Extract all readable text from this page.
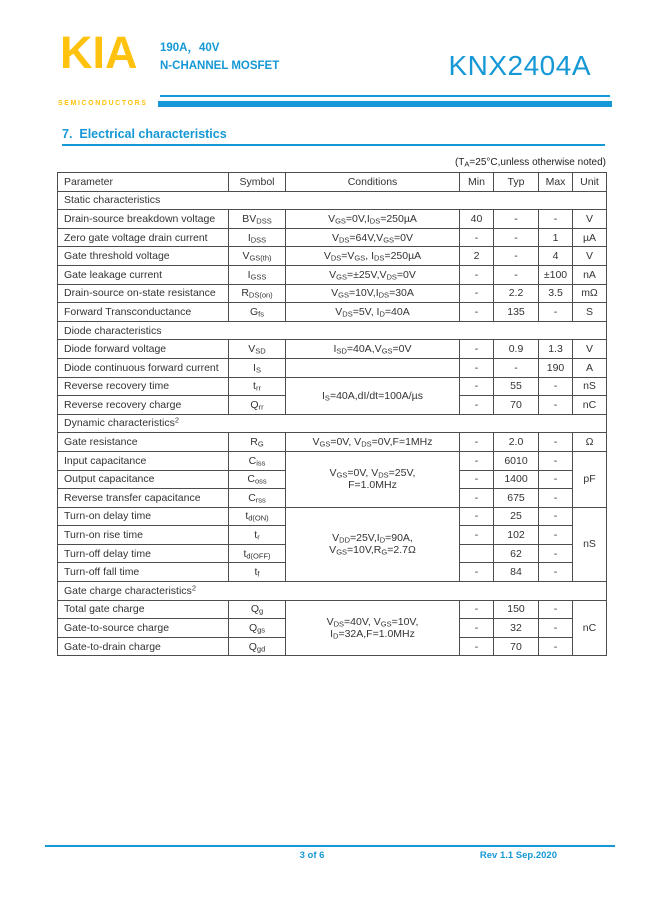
KIA
SEMICONDUCTORS
190A，40V
N-CHANNEL MOSFET	KNX2404A
7.  Electrical characteristics
($T_A=25^\circ C,unless$ otherwise noted)
Parameter	Symbol	Conditions	Min	Typ	Max	Unit
Static characteristics						
Drain-source breakdown voltage	$BV_{DSS}$	$V_{GS}=0V,I_{DS}=250\mu A$	40	-	-	V
Zero gate voltage drain current	$I_{DSS}$	$V_{DS}=64V,V_{GS}=0V$	-	-	1	µA
Gate threshold voltage	$V_{GS(th)}$	$V_{DS}=V_{GS}$, $I_{DS}=250\mu A$	2	-	4	V
Gate leakage current	$I_{GSS}$	$V_{GS}=\pm 25V,V_{DS}=0V$	-	-	±100	nA
Drain-source on-state resistance	$R_{DS(on)}$	$V_{GS}=10V,I_{DS}=30A$	-	2.2	3.5	mΩ
Forward Transconductance	$G_{fs}$	$V_{DS}=5V$, $I_D=40A$	-	135	-	S
Diode characteristics						
Diode forward voltage	$V_{SD}$	$I_{SD}=40A,V_{GS}=0V$	-	0.9	1.3	V
Diode continuous forward current	$I_S$		-	-	190	A
Reverse recovery time	$t_{rr}$	$I_S=40A,dI/dt=100A/\mu s$	-	55	-	nS
Reverse recovery charge	$Q_{rr}$		-	70	-	nC
Dynamic characteristics$^2$
Gate resistance	$R_G$	$V_{GS}=0V$, $V_{DS}=0V,F=1MHz$	-	2.0	-	Ω
Input capacitance	$C_{iss}$	$V_{GS}=0V$, $V_{DS}=25V$,
F=1.0MHz	-	6010	-	pF
Output capacitance	$C_{oss}$		-	1400	-	
Reverse transfer capacitance	$C_{rss}$		-	675	-	
Turn-on delay time	$t_{d(ON)}$	$V_{DD}=25V,I_D=90A$,
$V_{GS}=10V,R_G=2.7\Omega$	-	25	-	nS
Turn-on rise time	$t_r$		-	102	-	
Turn-off delay time	$t_{d(OFF)}$			62	-	
Turn-off fall time	$t_f$		-	84	-	
Gate charge characteristics$^2$
Total gate charge	$Q_g$	$V_{DS}=40V$, $V_{GS}=10V$,
$I_D=32A,F=1.0MHz$	-	150	-	nC
Gate-to-source charge	$Q_{gs}$		-	32	-	
Gate-to-drain charge	$Q_{gd}$		-	70	-	
3 of 6	Rev 1.1 Sep.2020
